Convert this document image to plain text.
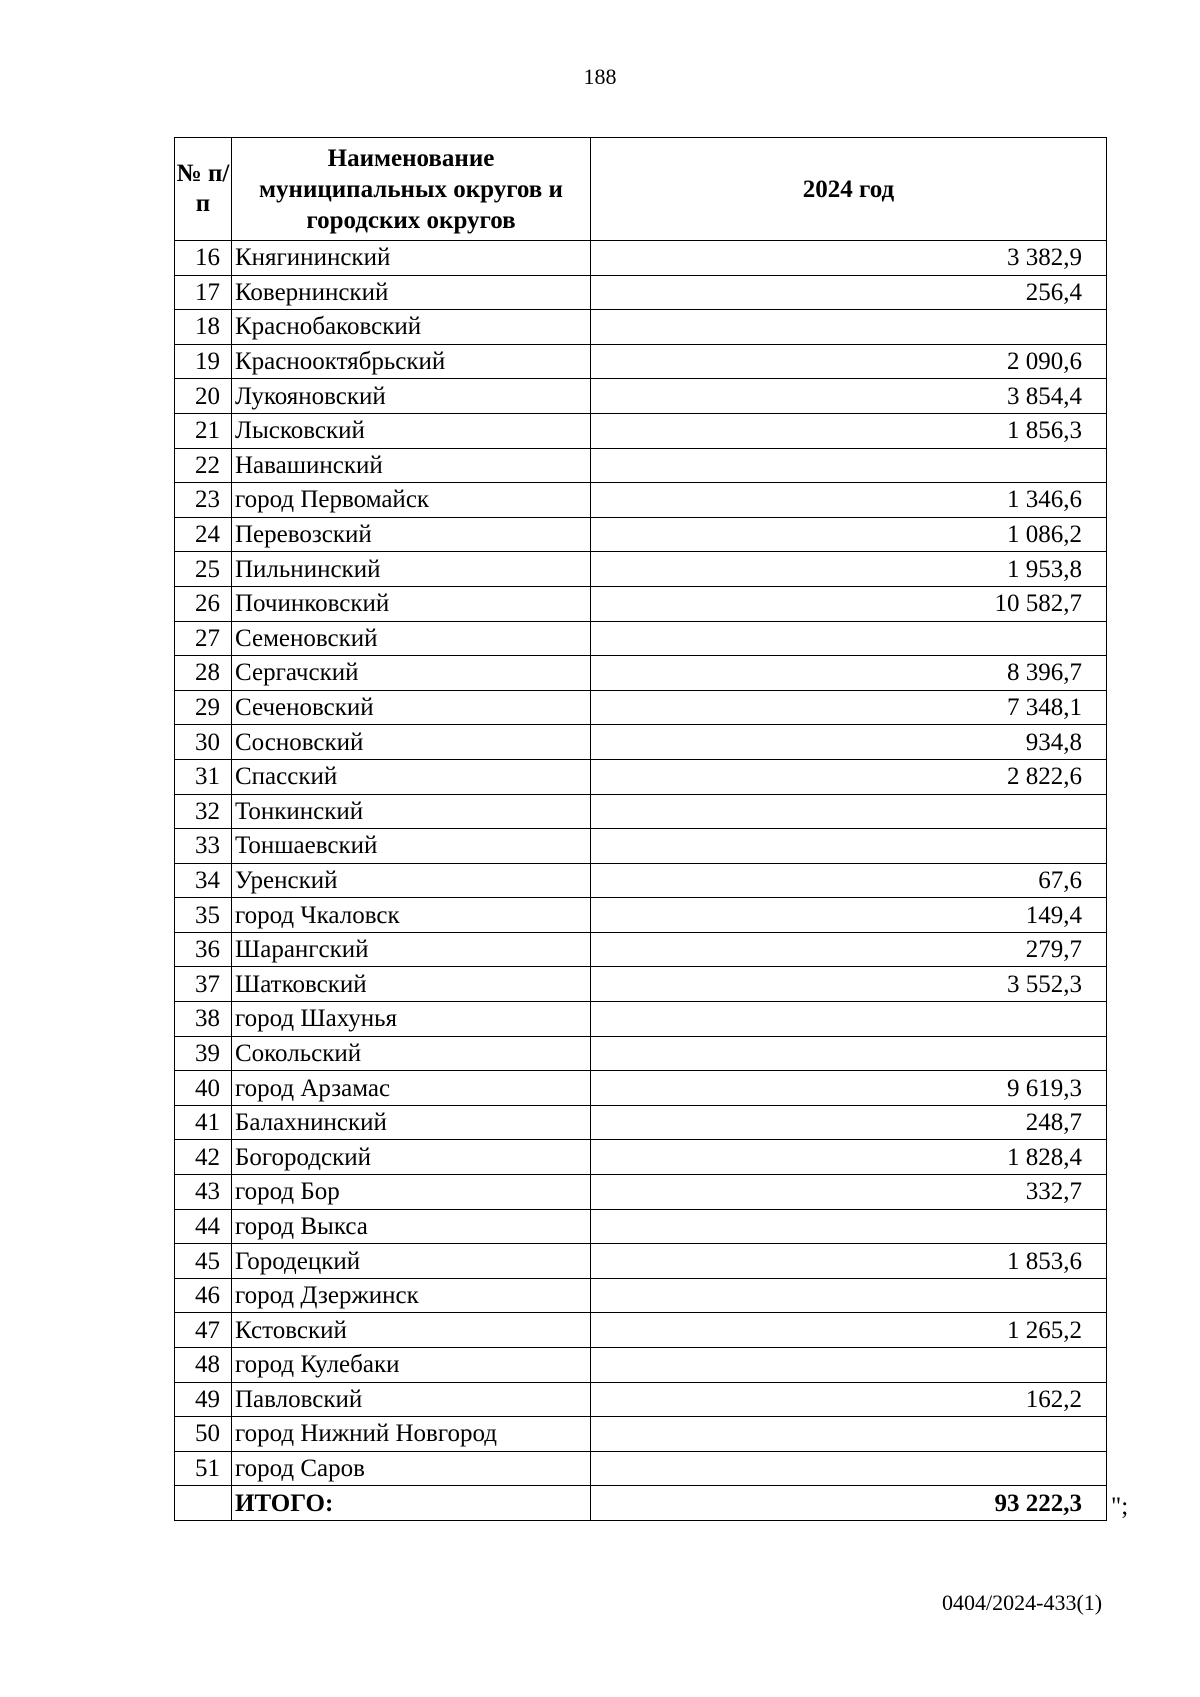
188
№ п/п	Наименование муниципальных округов и городских округов	2024 год
16	Княгининский	3 382,9
17	Ковернинский	256,4
18	Краснобаковский	
19	Краснооктябрьский	2 090,6
20	Лукояновский	3 854,4
21	Лысковский	1 856,3
22	Навашинский	
23	город Первомайск	1 346,6
24	Перевозский	1 086,2
25	Пильнинский	1 953,8
26	Починковский	10 582,7
27	Семеновский	
28	Сергачский	8 396,7
29	Сеченовский	7 348,1
30	Сосновский	934,8
31	Спасский	2 822,6
32	Тонкинский	
33	Тоншаевский	
34	Уренский	67,6
35	город Чкаловск	149,4
36	Шарангский	279,7
37	Шатковский	3 552,3
38	город Шахунья	
39	Сокольский	
40	город Арзамас	9 619,3
41	Балахнинский	248,7
42	Богородский	1 828,4
43	город Бор	332,7
44	город Выкса	
45	Городецкий	1 853,6
46	город Дзержинск	
47	Кстовский	1 265,2
48	город Кулебаки	
49	Павловский	162,2
50	город Нижний Новгород	
51	город Саров	
	ИТОГО:	93 222,3 ";
0404/2024-433(1)
